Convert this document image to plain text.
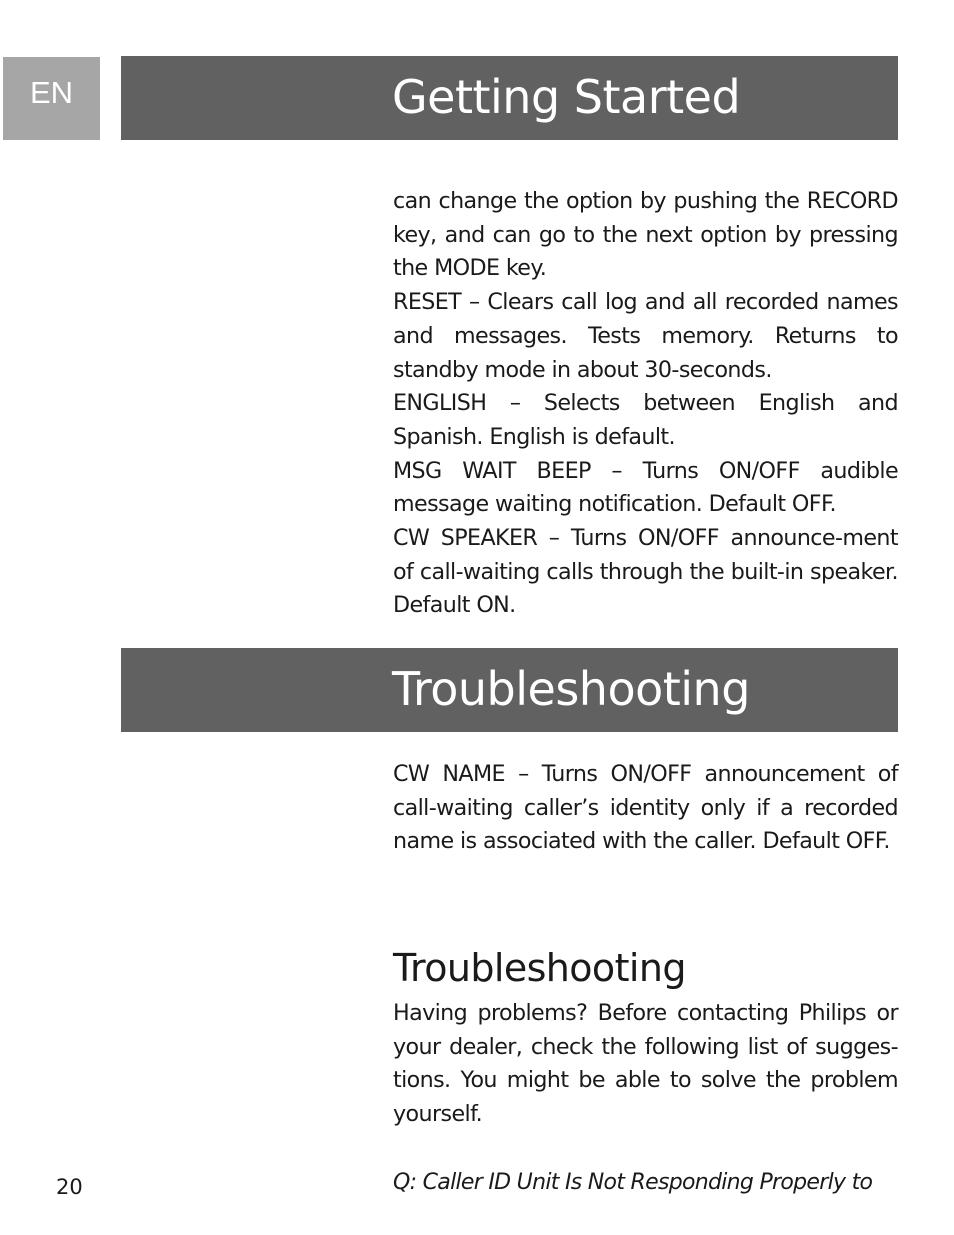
EN	Getting Started

can change the option by pushing the RECORD key, and can go to the next option by pressing the MODE key.

RESET – Clears call log and all recorded names and messages. Tests memory. Returns to standby mode in about 30-seconds.

ENGLISH – Selects between English and Spanish. English is default.

MSG WAIT BEEP – Turns ON/OFF audible message waiting notification. Default OFF.

CW SPEAKER – Turns ON/OFF announce-ment of call-waiting calls through the built-in speaker. Default ON.

Troubleshooting

CW NAME – Turns ON/OFF announcement of call-waiting caller’s identity only if a recorded name is associated with the caller. Default OFF.

Troubleshooting

Having problems? Before contacting Philips or your dealer, check the following list of sugges-tions. You might be able to solve the problem yourself.

Q: Caller ID Unit Is Not Responding Properly to
20
